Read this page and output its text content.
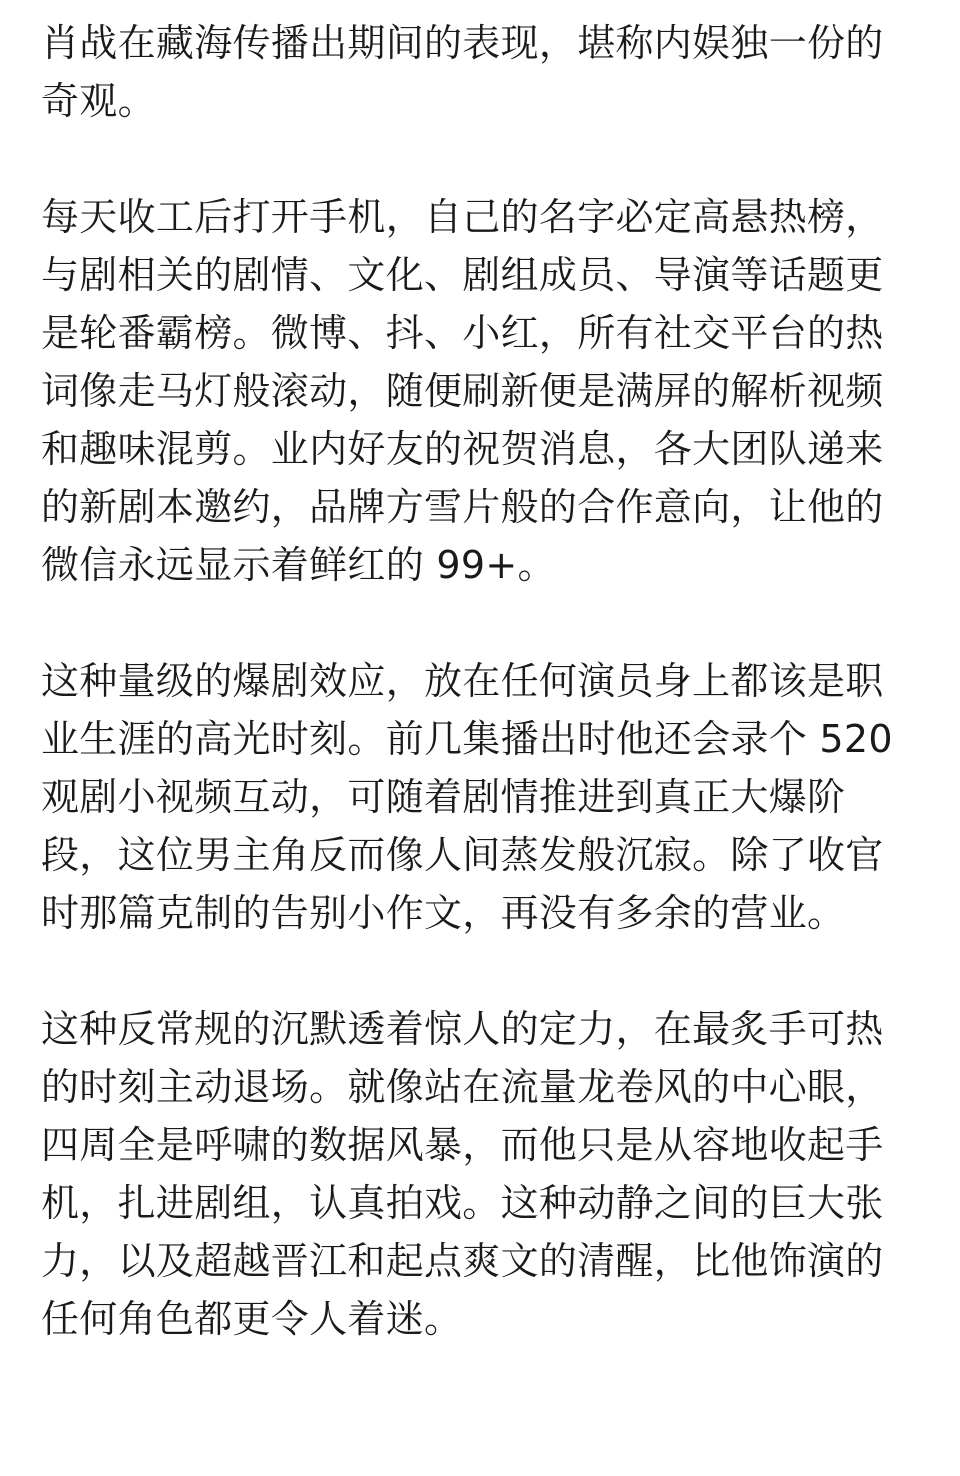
肖战在藏海传播出期间的表现，堪称内娱独一份的
奇观。
每天收工后打开手机，自己的名字必定高悬热榜，
与剧相关的剧情、文化、剧组成员、导演等话题更
是轮番霸榜。微博、抖、小红，所有社交平台的热
词像走马灯般滚动，随便刷新便是满屏的解析视频
和趣味混剪。业内好友的祝贺消息，各大团队递来
的新剧本邀约，品牌方雪片般的合作意向，让他的
微信永远显示着鲜红的 99+。
这种量级的爆剧效应，放在任何演员身上都该是职
业生涯的高光时刻。前几集播出时他还会录个 520
观剧小视频互动，可随着剧情推进到真正大爆阶
段，这位男主角反而像人间蒸发般沉寂。除了收官
时那篇克制的告别小作文，再没有多余的营业。
这种反常规的沉默透着惊人的定力，在最炙手可热
的时刻主动退场。就像站在流量龙卷风的中心眼，
四周全是呼啸的数据风暴，而他只是从容地收起手
机，扎进剧组，认真拍戏。这种动静之间的巨大张
力，以及超越晋江和起点爽文的清醒，比他饰演的
任何角色都更令人着迷。
